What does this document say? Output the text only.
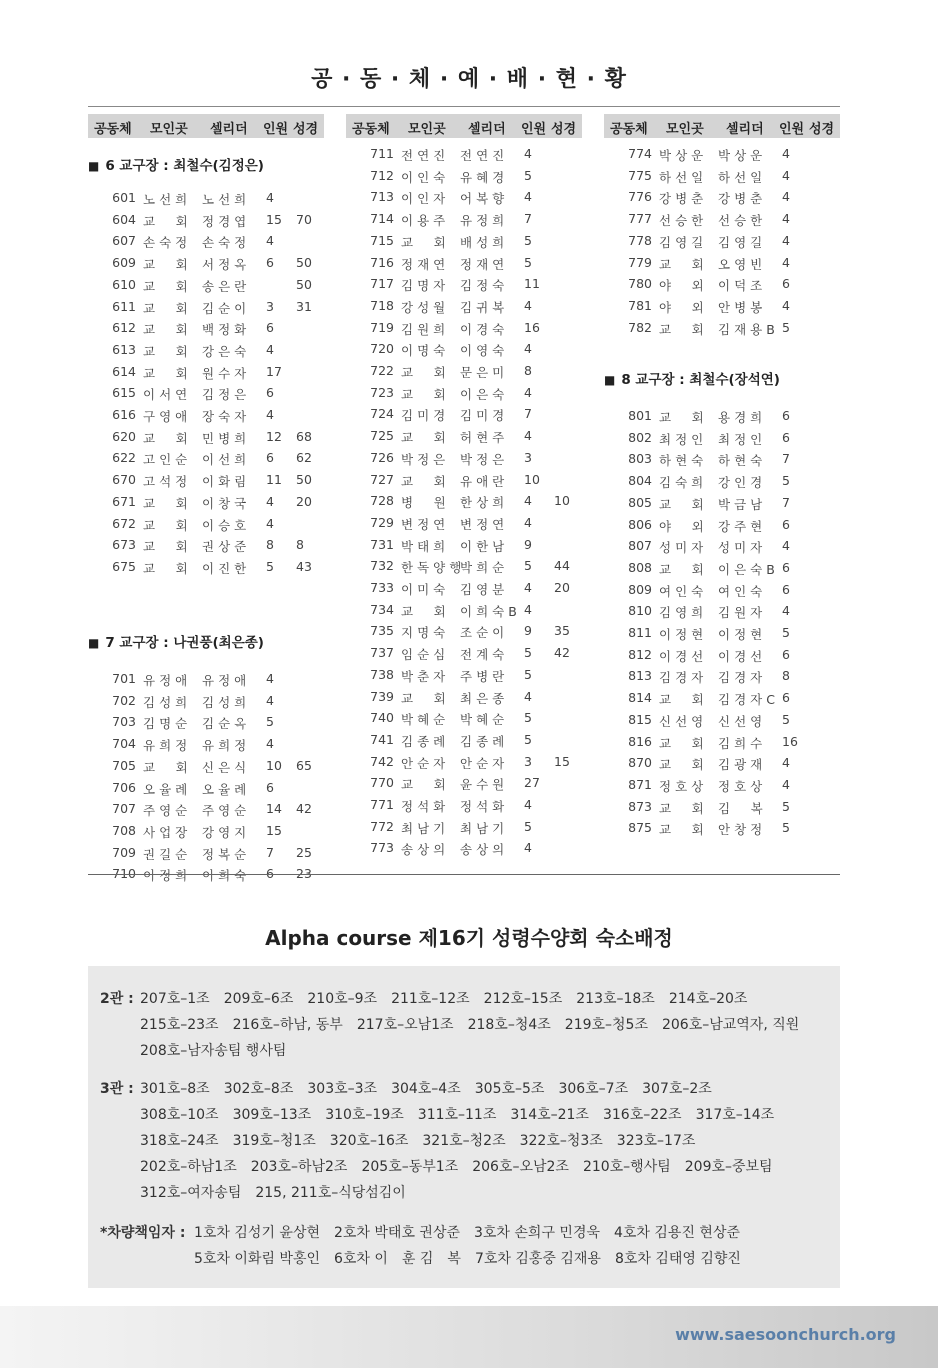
공 · 동 · 체 · 예 · 배 · 현 · 황
공동체 모인곳 셀리더 인원 성경
■ 6 교구장 : 최철수(김정은)
601 노선희 노선희 4
604 교　회 정경엽 15 70
607 손숙정 손숙정 4
609 교　회 서정옥 6 50
610 교　회 송은란	50
611 교　회 김순이 3 31
612 교　회 백정화 6
613 교　회 강은숙 4
614 교　회 원수자 17
615 이서연 김정은 6
616 구영애 장숙자 4
620 교　회 민병희 12 68
622 고인순 이선희 6 62
670 고석정 이화림 11 50
671 교　회 이창국 4 20
672 교　회 이승호 4
673 교　회 권상준 8 8
675 교　회 이진한 5 43
■ 7 교구장 : 나권풍(최은종)
701 유정애 유정애 4
702 김성희 김성희 4
703 김명순 김순옥 5
704 유희정 유희정 4
705 교　회 신은식 10 65
706 오율례 오율례 6
707 주영순 주영순 14 42
708 사업장 강영지 15
709 권길순 정복순 7 25
710 이정희 이희숙 6 23
공동체 모인곳 셀리더 인원 성경
711 전연진 전연진 4
712 이인숙 유혜경 5
713 이인자 어복향 4
714 이용주 유정희 7
715 교　회 배성희 5
716 정재연 정재연 5
717 김명자 김정숙 11
718 강성월 김귀복 4
719 김원희 이경숙 16
720 이명숙 이영숙 4
722 교　회 문은미 8
723 교　회 이은숙 4
724 김미경 김미경 7
725 교　회 허현주 4
726 박정은 박정은 3
727 교　회 유애란 10
728 병　원 한상희 4 10
729 변정연 변정연 4
731 박태희 이한남 9
732 한독양행
박희순 5 44
733 이미숙 김영분 4 20
734 교　회 이희숙B 4
735 지명숙 조순이 9 35
737 임순심 전계숙 5 42
738 박춘자 주병란 5
739 교　회 최은종 4
740 박혜순 박혜순 5
741 김종례 김종례 5
742 안순자 안순자 3 15
770 교　회 윤수원 27
771 정석화 정석화 4
772 최남기 최남기 5
773 송상의 송상의 4
공동체 모인곳 셀리더 인원 성경
774 박상운 박상운 4
775 하선일 하선일 4
776 강병춘 강병춘 4
777 선승한 선승한 4
778 김영길 김영길 4
779 교　회 오영빈 4
780 야　외 이덕조 6
781 야　외 안병봉 4
782 교　회 김재용B 5
■ 8 교구장 : 최철수(장석연)
801 교　회 용경희 6
802 최정인 최정인 6
803 하현숙 하현숙 7
804 김숙희 강인경 5
805 교　회 박금남 7
806 야　외 강주현 6
807 성미자 성미자 4
808 교　회 이은숙B 6
809 여인숙 여인숙 6
810 김영희 김원자 4
811 이정현 이정현 5
812 이경선 이경선 6
813 김경자 김경자 8
814 교　회 김경자C 6
815 신선영 신선영 5
816 교　회 김희수 16
870 교　회 김광재 4
871 정호상 정호상 4
873 교　회 김　복 5
875 교　회 안창정 5
Alpha course 제16기 성령수양회 숙소배정
2관 : 207호–1조 209호–6조 210호–9조 211호–12조 212호–15조 213호–18조 214호–20조
215호–23조 216호–하남, 동부 217호–오남1조 218호–청4조 219호–청5조 206호–남교역자, 직원
208호–남자송팀 행사팀
3관 : 301호–8조 302호–8조 303호–3조 304호–4조 305호–5조 306호–7조 307호–2조
308호–10조 309호–13조 310호–19조 311호–11조 314호–21조 316호–22조 317호–14조
318호–24조 319호–청1조 320호–16조 321호–청2조 322호–청3조 323호–17조
202호–하남1조 203호–하남2조 205호–동부1조 206호–오남2조 210호–행사팀 209호–중보팀
312호–여자송팀 215, 211호–식당섬김이
*차량책임자 : 1호차 김성기 윤상현 2호차 박태호 권상준 3호차 손희구 민경욱 4호차 김용진 현상준
5호차 이화림 박홍인 6호차 이　훈 김　복 7호차 김홍중 김재용 8호차 김태영 김향진
www.saesoonchurch.org
